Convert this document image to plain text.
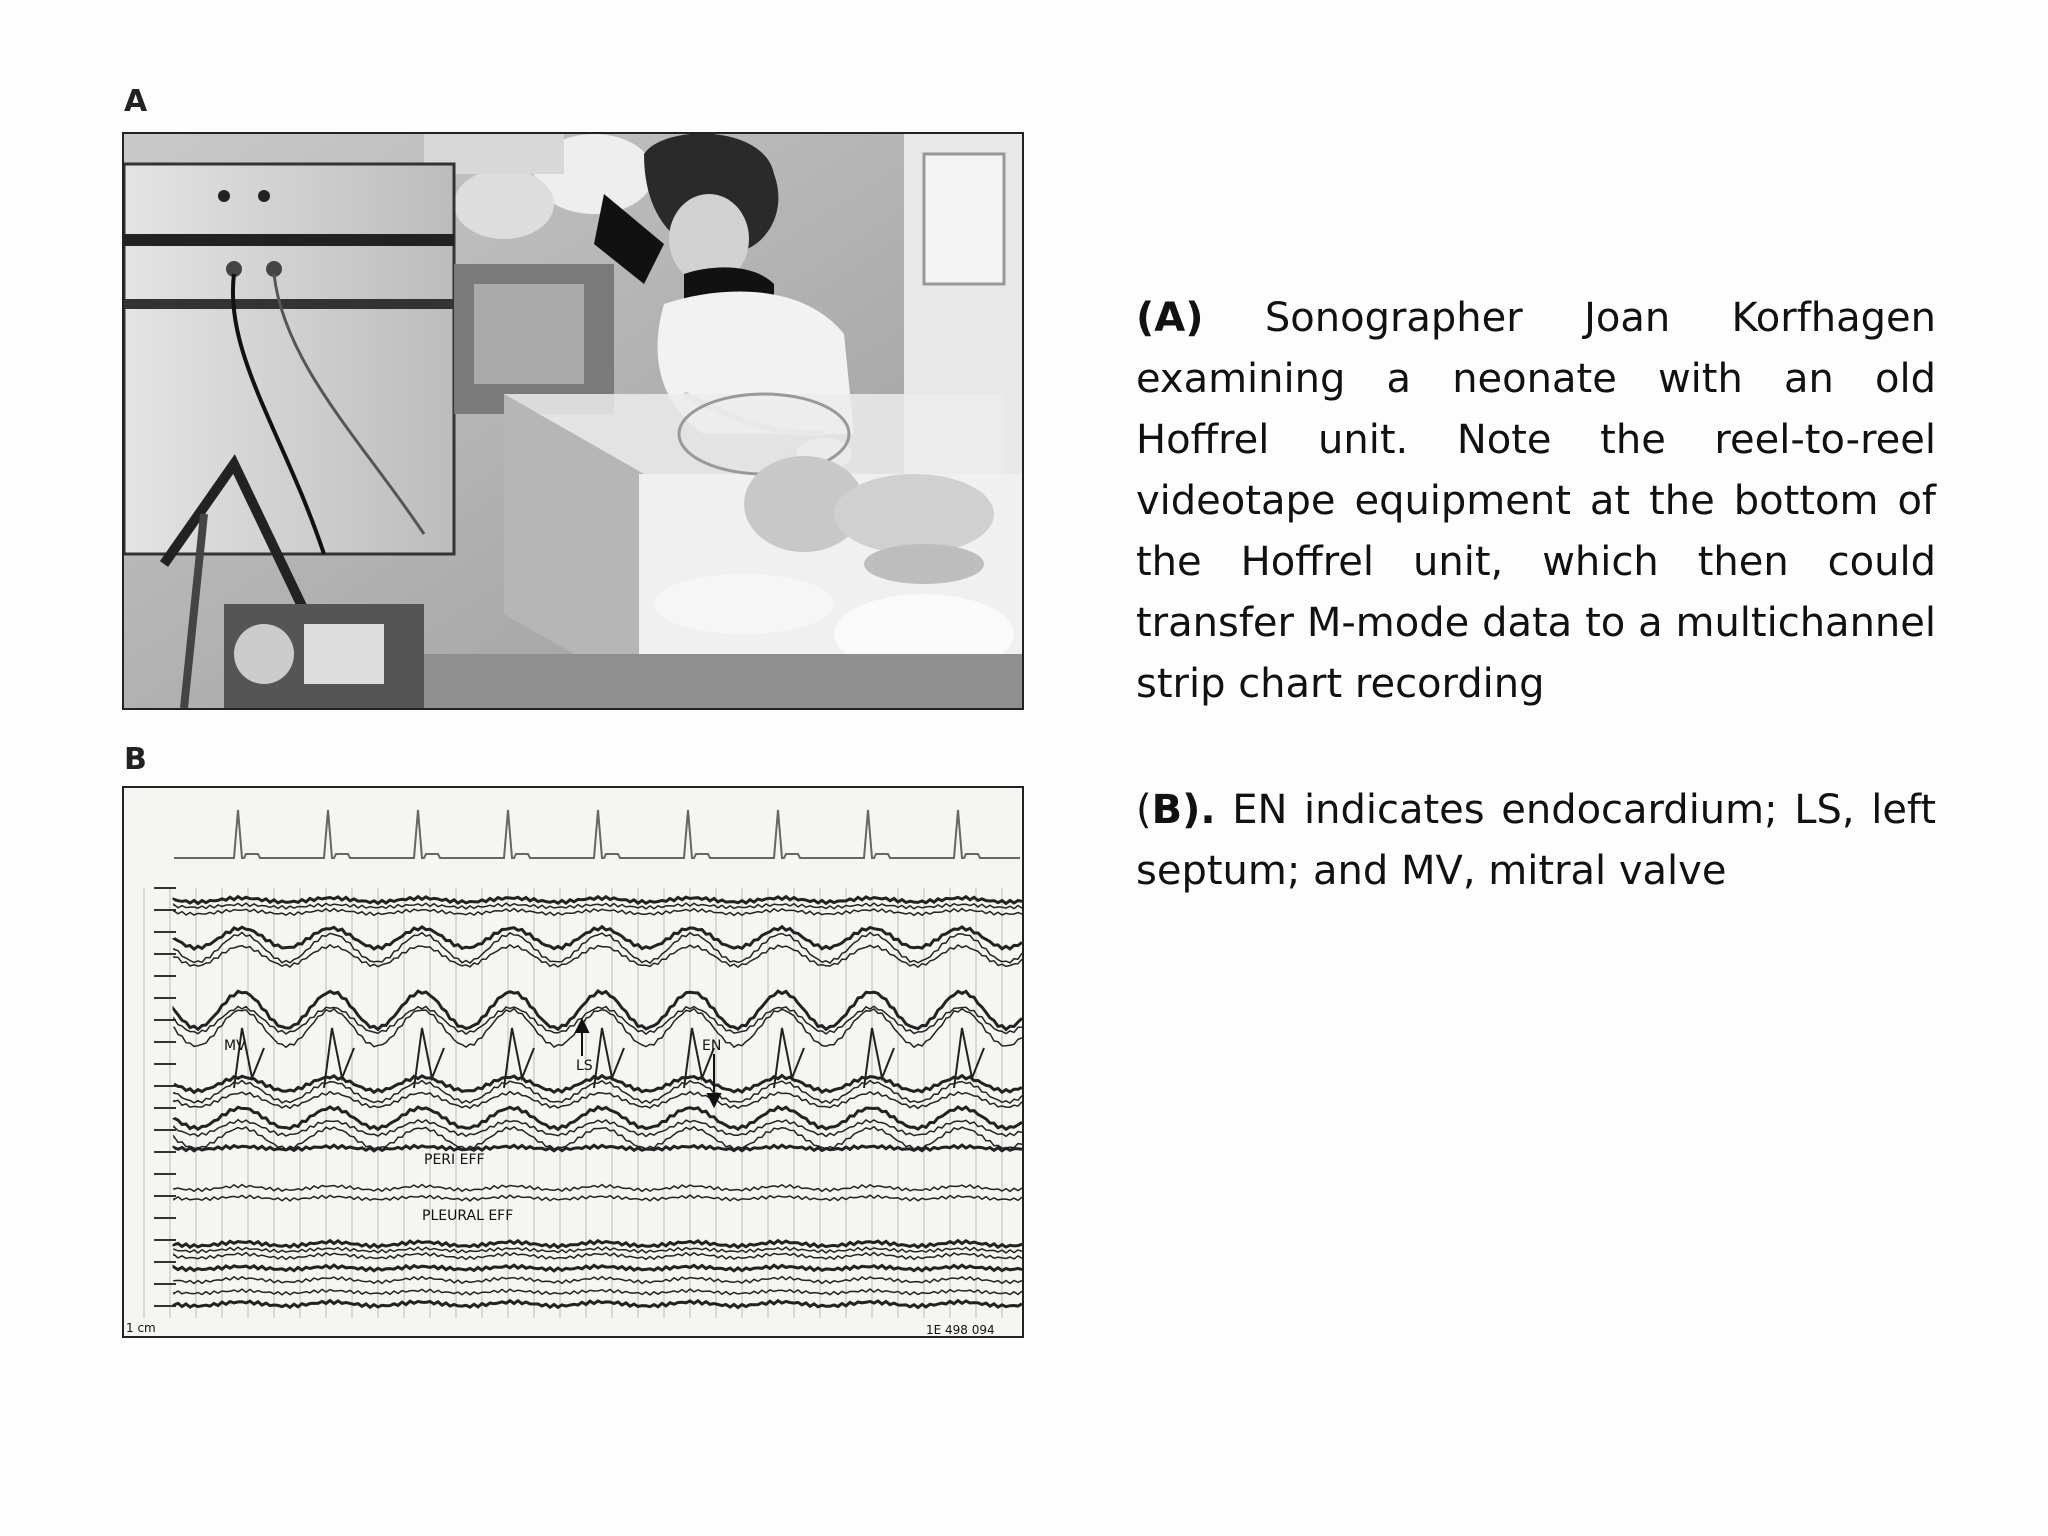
A
B
MV
LS
EN
PERI EFF
PLEURAL EFF
1 cm	1E 498 094
(A) Sonographer Joan Korfhagen examining a neonate with an old Hoffrel unit. Note the reel-to-reel videotape equipment at the bottom of the Hoffrel unit, which then could transfer M-mode data to a multichannel strip chart recording
(B). EN indicates endocardium; LS, left septum; and MV, mitral valve
